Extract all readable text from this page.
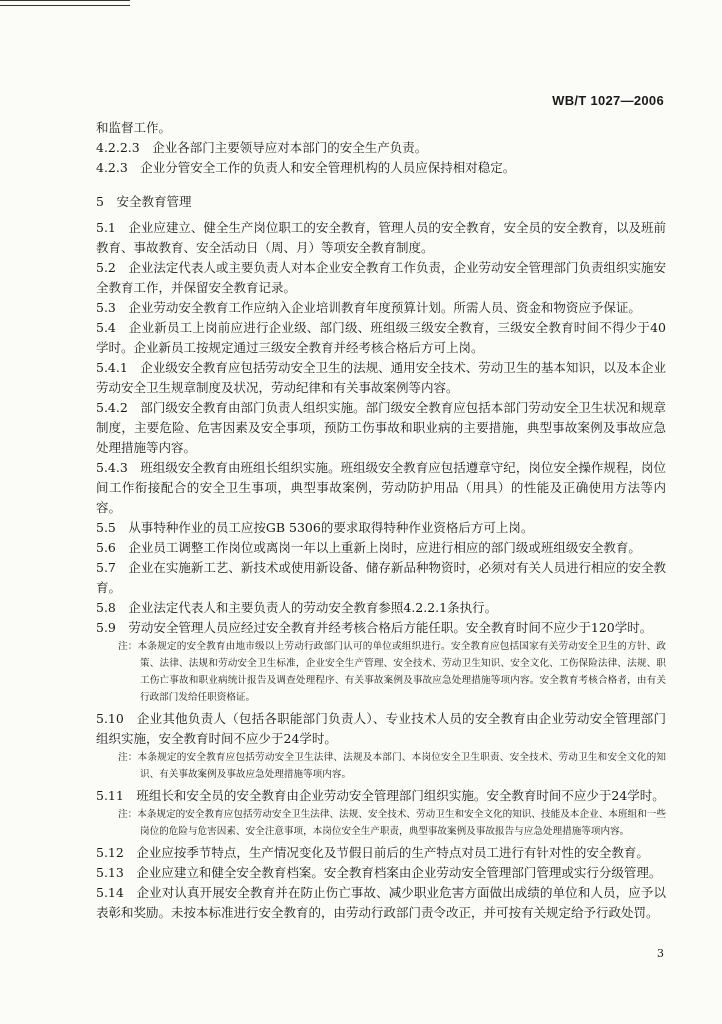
WB/T 1027—2006

和监督工作。

4.2.2.3　企业各部门主要领导应对本部门的安全生产负责。

4.2.3　企业分管安全工作的负责人和安全管理机构的人员应保持相对稳定。

5　安全教育管理

5.1　企业应建立、健全生产岗位职工的安全教育，管理人员的安全教育，安全员的安全教育，以及班前教育、事故教育、安全活动日（周、月）等项安全教育制度。

5.2　企业法定代表人或主要负责人对本企业安全教育工作负责，企业劳动安全管理部门负责组织实施安全教育工作，并保留安全教育记录。

5.3　企业劳动安全教育工作应纳入企业培训教育年度预算计划。所需人员、资金和物资应予保证。

5.4　企业新员工上岗前应进行企业级、部门级、班组级三级安全教育，三级安全教育时间不得少于40学时。企业新员工按规定通过三级安全教育并经考核合格后方可上岗。

5.4.1　企业级安全教育应包括劳动安全卫生的法规、通用安全技术、劳动卫生的基本知识，以及本企业劳动安全卫生规章制度及状况，劳动纪律和有关事故案例等内容。

5.4.2　部门级安全教育由部门负责人组织实施。部门级安全教育应包括本部门劳动安全卫生状况和规章制度，主要危险、危害因素及安全事项，预防工伤事故和职业病的主要措施，典型事故案例及事故应急处理措施等内容。

5.4.3　班组级安全教育由班组长组织实施。班组级安全教育应包括遵章守纪，岗位安全操作规程，岗位间工作衔接配合的安全卫生事项，典型事故案例，劳动防护用品（用具）的性能及正确使用方法等内容。

5.5　从事特种作业的员工应按GB 5306的要求取得特种作业资格后方可上岗。

5.6　企业员工调整工作岗位或离岗一年以上重新上岗时，应进行相应的部门级或班组级安全教育。

5.7　企业在实施新工艺、新技术或使用新设备、储存新品种物资时，必须对有关人员进行相应的安全教育。

5.8　企业法定代表人和主要负责人的劳动安全教育参照4.2.2.1条执行。

5.9　劳动安全管理人员应经过安全教育并经考核合格后方能任职。安全教育时间不应少于120学时。

注：本条规定的安全教育由地市级以上劳动行政部门认可的单位或组织进行。安全教育应包括国家有关劳动安全卫生的方针、政策、法律、法规和劳动安全卫生标准，企业安全生产管理、安全技术、劳动卫生知识、安全文化、工伤保险法律、法规、职工伤亡事故和职业病统计报告及调查处理程序、有关事故案例及事故应急处理措施等项内容。安全教育考核合格者，由有关行政部门发给任职资格证。

5.10　企业其他负责人（包括各职能部门负责人）、专业技术人员的安全教育由企业劳动安全管理部门组织实施，安全教育时间不应少于24学时。

注：本条规定的安全教育应包括劳动安全卫生法律、法规及本部门、本岗位安全卫生职责、安全技术、劳动卫生和安全文化的知识、有关事故案例及事故应急处理措施等项内容。

5.11　班组长和安全员的安全教育由企业劳动安全管理部门组织实施。安全教育时间不应少于24学时。

注：本条规定的安全教育应包括劳动安全卫生法律、法规、安全技术、劳动卫生和安全文化的知识、技能及本企业、本班组和一些岗位的危险与危害因素、安全注意事项，本岗位安全生产职责，典型事故案例及事故报告与应急处理措施等项内容。

5.12　企业应按季节特点，生产情况变化及节假日前后的生产特点对员工进行有针对性的安全教育。

5.13　企业应建立和健全安全教育档案。安全教育档案由企业劳动安全管理部门管理或实行分级管理。

5.14　企业对认真开展安全教育并在防止伤亡事故、减少职业危害方面做出成绩的单位和人员，应予以表彰和奖励。未按本标准进行安全教育的，由劳动行政部门责令改正，并可按有关规定给予行政处罚。

3
